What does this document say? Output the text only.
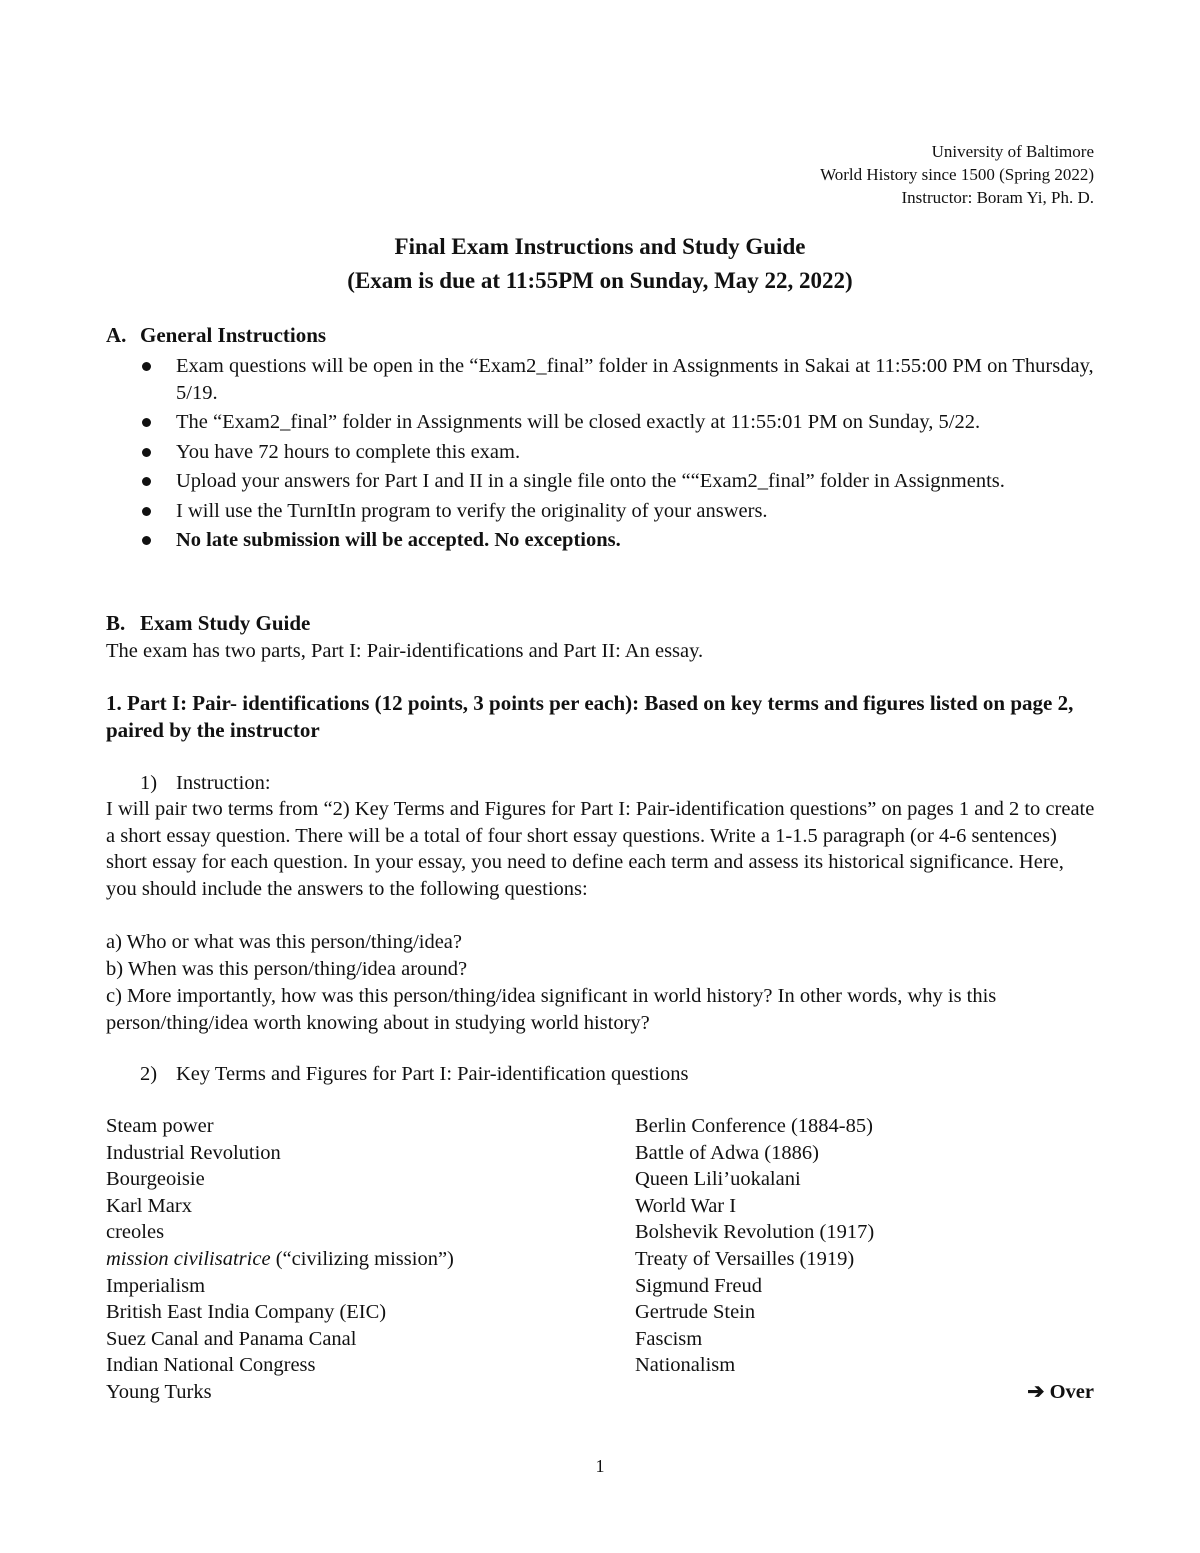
University of Baltimore
World History since 1500 (Spring 2022)
Instructor: Boram Yi, Ph. D.
Final Exam Instructions and Study Guide
(Exam is due at 11:55PM on Sunday, May 22, 2022)
A. General Instructions
Exam questions will be open in the “Exam2_final” folder in Assignments in Sakai at 11:55:00 PM on Thursday, 5/19.
The “Exam2_final” folder in Assignments will be closed exactly at 11:55:01 PM on Sunday, 5/22.
You have 72 hours to complete this exam.
Upload your answers for Part I and II in a single file onto the ““Exam2_final” folder in Assignments.
I will use the TurnItIn program to verify the originality of your answers.
No late submission will be accepted. No exceptions.
B. Exam Study Guide
The exam has two parts, Part I: Pair-identifications and Part II: An essay.
1. Part I: Pair- identifications (12 points, 3 points per each): Based on key terms and figures listed on page 2, paired by the instructor
1) Instruction:
I will pair two terms from “2) Key Terms and Figures for Part I: Pair-identification questions” on pages 1 and 2 to create a short essay question. There will be a total of four short essay questions. Write a 1-1.5 paragraph (or 4-6 sentences) short essay for each question. In your essay, you need to define each term and assess its historical significance. Here, you should include the answers to the following questions:
a) Who or what was this person/thing/idea?
b) When was this person/thing/idea around?
c) More importantly, how was this person/thing/idea significant in world history? In other words, why is this person/thing/idea worth knowing about in studying world history?
2) Key Terms and Figures for Part I: Pair-identification questions
Steam power
Industrial Revolution
Bourgeoisie
Karl Marx
creoles
mission civilisatrice (“civilizing mission”)
Imperialism
British East India Company (EIC)
Suez Canal and Panama Canal
Indian National Congress
Young Turks
Berlin Conference (1884-85)
Battle of Adwa (1886)
Queen Lili’uokalani
World War I
Bolshevik Revolution (1917)
Treaty of Versailles (1919)
Sigmund Freud
Gertrude Stein
Fascism
Nationalism
➔ Over
1
